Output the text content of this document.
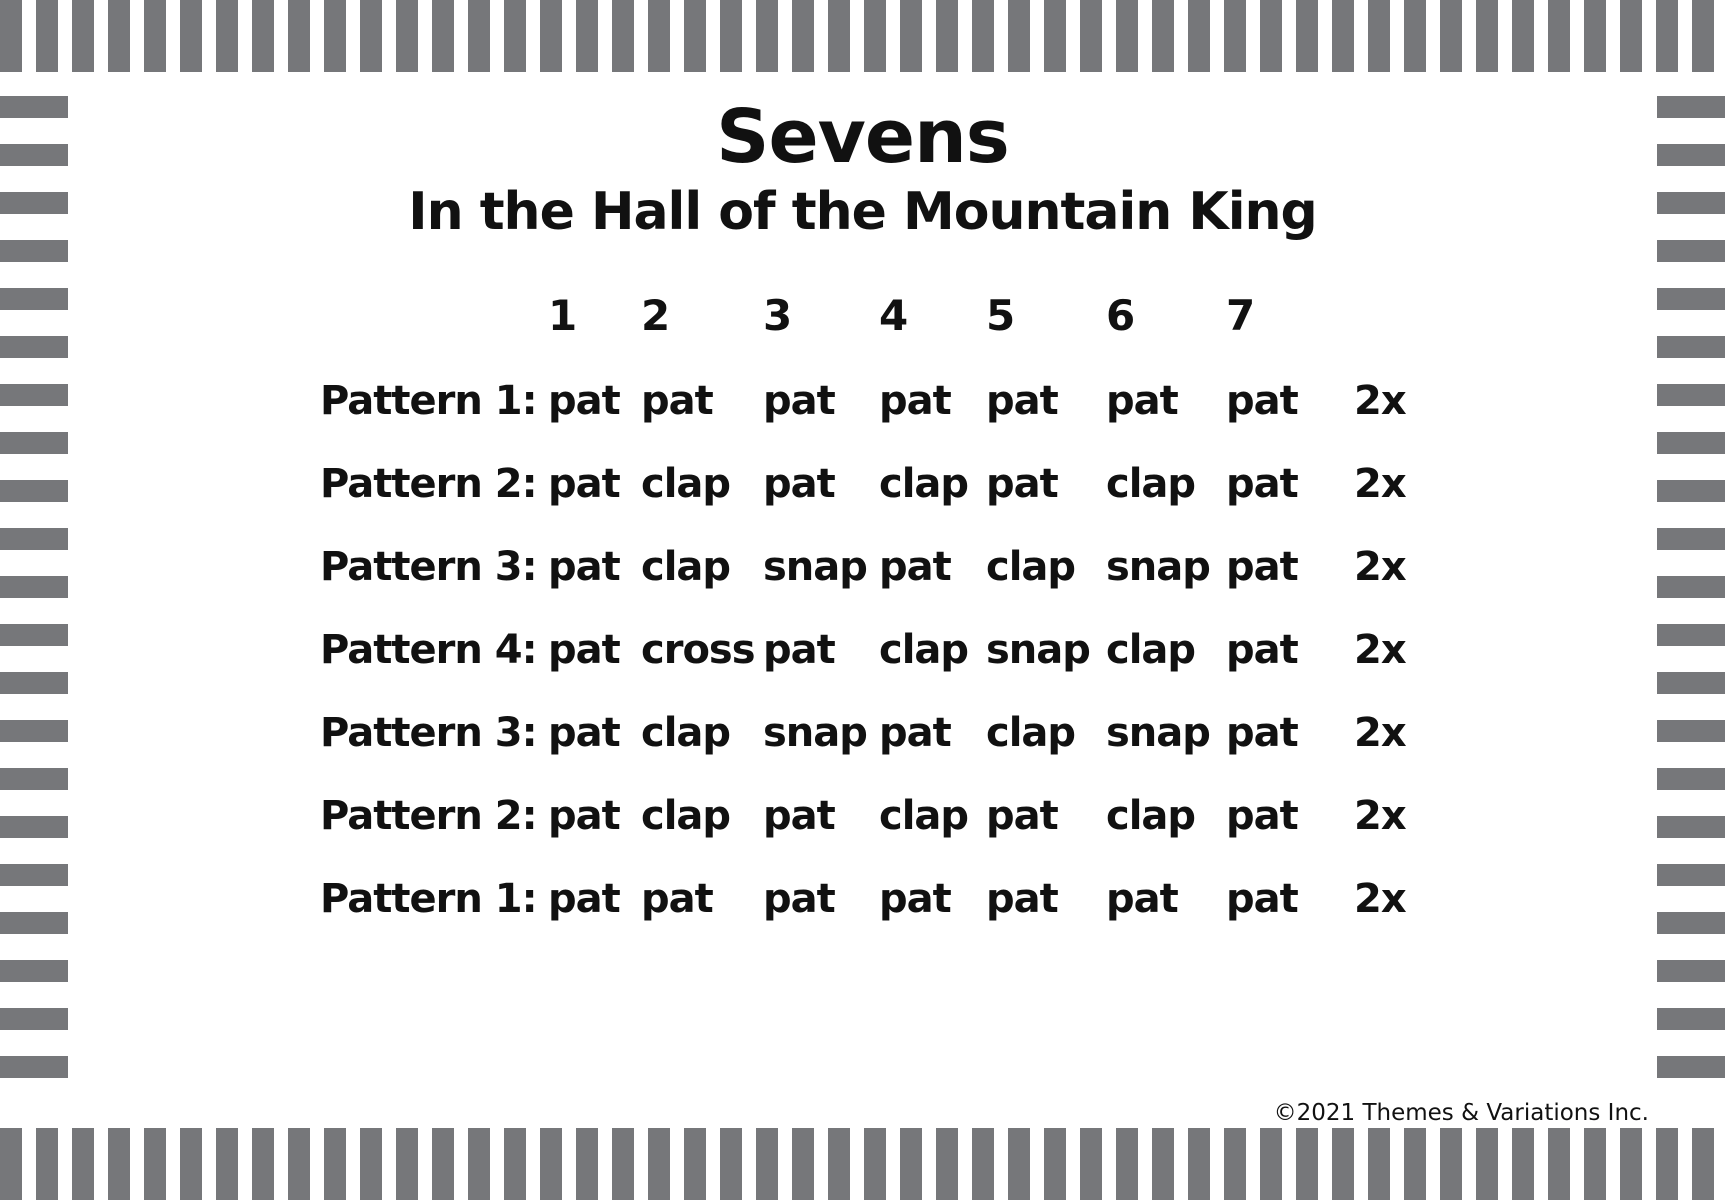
Sevens
In the Hall of the Mountain King
1 2 3 4 5 6 7
Pattern 1: pat pat pat pat pat pat pat 2x
Pattern 2: pat clap pat clap pat clap pat 2x
Pattern 3: pat clap snap pat clap snap pat 2x
Pattern 4: pat cross pat clap snap clap pat 2x
Pattern 3: pat clap snap pat clap snap pat 2x
Pattern 2: pat clap pat clap pat clap pat 2x
Pattern 1: pat pat pat pat pat pat pat 2x
©2021 Themes & Variations Inc.
